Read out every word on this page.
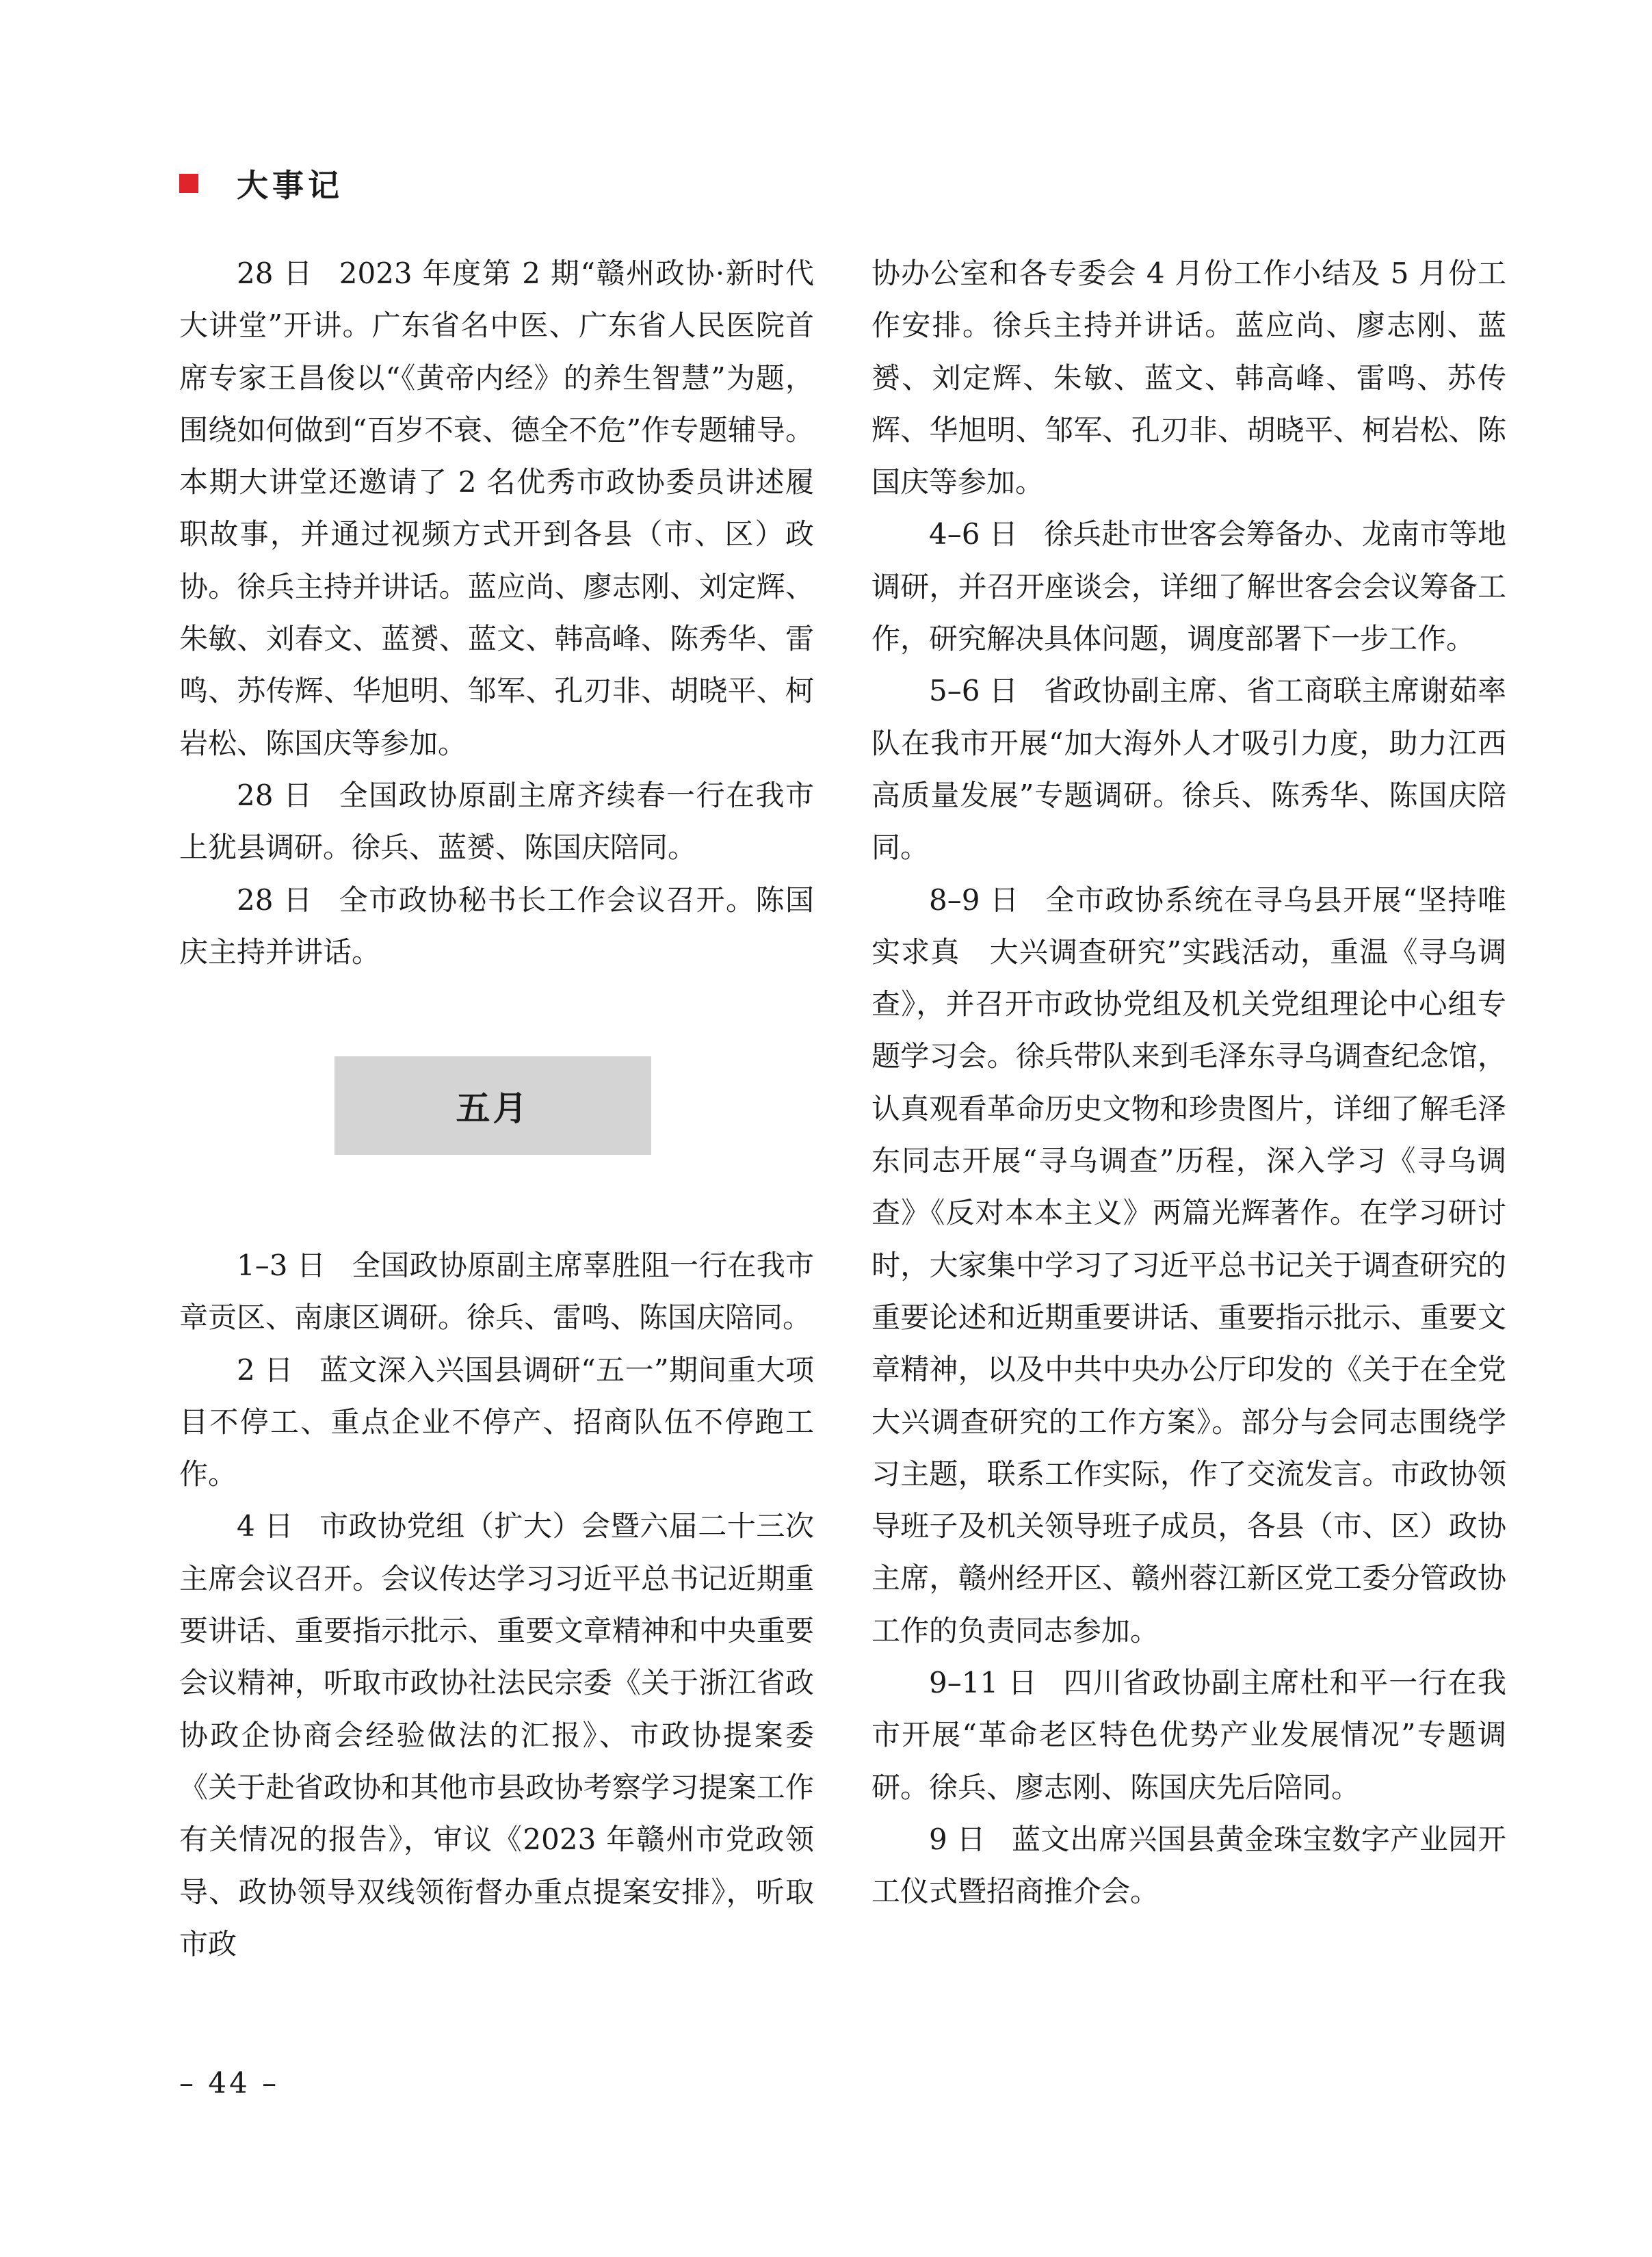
大事记

28 日 2023 年度第 2 期“赣州政协·新时代大讲堂”开讲。广东省名中医、广东省人民医院首席专家王昌俊以“《黄帝内经》的养生智慧”为题，围绕如何做到“百岁不衰、德全不危”作专题辅导。本期大讲堂还邀请了 2 名优秀市政协委员讲述履职故事，并通过视频方式开到各县（市、区）政协。徐兵主持并讲话。蓝应尚、廖志刚、刘定辉、朱敏、刘春文、蓝赟、蓝文、韩高峰、陈秀华、雷鸣、苏传辉、华旭明、邹军、孔刃非、胡晓平、柯岩松、陈国庆等参加。

28 日 全国政协原副主席齐续春一行在我市上犹县调研。徐兵、蓝赟、陈国庆陪同。

28 日 全市政协秘书长工作会议召开。陈国庆主持并讲话。

五月

1–3 日 全国政协原副主席辜胜阻一行在我市章贡区、南康区调研。徐兵、雷鸣、陈国庆陪同。

2 日 蓝文深入兴国县调研“五一”期间重大项目不停工、重点企业不停产、招商队伍不停跑工作。

4 日 市政协党组（扩大）会暨六届二十三次主席会议召开。会议传达学习习近平总书记近期重要讲话、重要指示批示、重要文章精神和中央重要会议精神，听取市政协社法民宗委《关于浙江省政协政企协商会经验做法的汇报》、市政协提案委《关于赴省政协和其他市县政协考察学习提案工作有关情况的报告》，审议《2023 年赣州市党政领导、政协领导双线领衔督办重点提案安排》，听取市政

协办公室和各专委会 4 月份工作小结及 5 月份工作安排。徐兵主持并讲话。蓝应尚、廖志刚、蓝赟、刘定辉、朱敏、蓝文、韩高峰、雷鸣、苏传辉、华旭明、邹军、孔刃非、胡晓平、柯岩松、陈国庆等参加。

4–6 日 徐兵赴市世客会筹备办、龙南市等地调研，并召开座谈会，详细了解世客会会议筹备工作，研究解决具体问题，调度部署下一步工作。

5–6 日 省政协副主席、省工商联主席谢茹率队在我市开展“加大海外人才吸引力度，助力江西高质量发展”专题调研。徐兵、陈秀华、陈国庆陪同。

8–9 日 全市政协系统在寻乌县开展“坚持唯实求真　大兴调查研究”实践活动，重温《寻乌调查》，并召开市政协党组及机关党组理论中心组专题学习会。徐兵带队来到毛泽东寻乌调查纪念馆，认真观看革命历史文物和珍贵图片，详细了解毛泽东同志开展“寻乌调查”历程，深入学习《寻乌调查》《反对本本主义》两篇光辉著作。在学习研讨时，大家集中学习了习近平总书记关于调查研究的重要论述和近期重要讲话、重要指示批示、重要文章精神，以及中共中央办公厅印发的《关于在全党大兴调查研究的工作方案》。部分与会同志围绕学习主题，联系工作实际，作了交流发言。市政协领导班子及机关领导班子成员，各县（市、区）政协主席，赣州经开区、赣州蓉江新区党工委分管政协工作的负责同志参加。

9–11 日 四川省政协副主席杜和平一行在我市开展“革命老区特色优势产业发展情况”专题调研。徐兵、廖志刚、陈国庆先后陪同。

9 日 蓝文出席兴国县黄金珠宝数字产业园开工仪式暨招商推介会。

– 44 –
